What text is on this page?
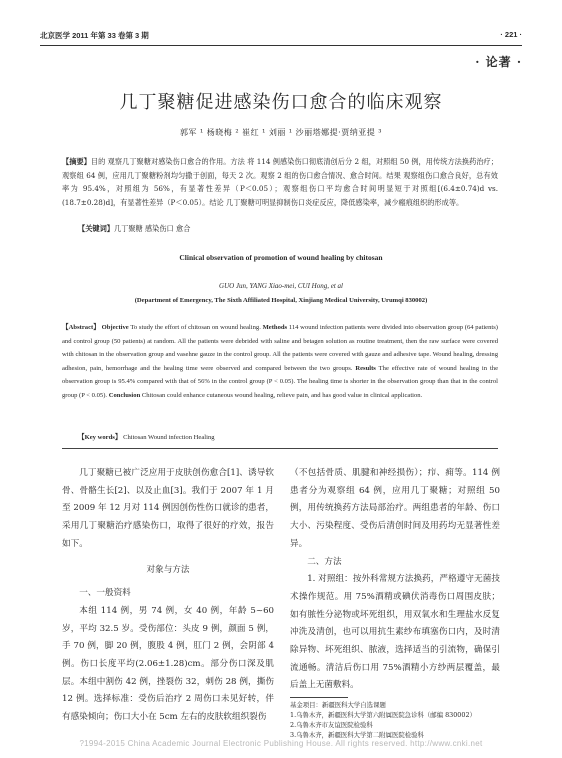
北京医学 2011 年第 33 卷第 3 期	· 221 ·
· 论著 ·
几丁聚糖促进感染伤口愈合的临床观察
郭军 ¹ 杨晓梅 ² 崔红 ¹ 刘丽 ¹ 沙丽塔娜提·贾纳亚提 ³
【摘要】目的 观察几丁聚糖对感染伤口愈合的作用。方法 将 114 例感染伤口彻底清创后分 2 组，对照组 50 例，用传统方法换药治疗；观察组 64 例，应用几丁聚糖粉剂均匀撒于创面，每天 2 次。观察 2 组的伤口愈合情况、愈合时间。结果 观察组伤口愈合良好，总有效率为 95.4%，对照组为 56%，有显著性差异（P＜0.05）；观察组伤口平均愈合时间明显短于对照组[(6.4±0.74)d vs. (18.7±0.28)d]，有显著性差异（P＜0.05）。结论 几丁聚糖可明显抑制伤口炎症反应，降低感染率，减少瘢痕组织的形成等。
【关键词】几丁聚糖 感染伤口 愈合
Clinical observation of promotion of wound healing by chitosan
GUO Jun, YANG Xiao-mei, CUI Hong, et al
(Department of Emergency, The Sixth Affiliated Hospital, Xinjiang Medical University, Urumqi 830002)
【Abstract】 Objective To study the effort of chitosan on wound healing. Methods 114 wound infection patients were divided into observation group (64 patients) and control group (50 patients) at random. All the patients were debrided with saline and betagen solution as routine treatment, then the raw surface were covered with chitosan in the observation group and vasehne gauze in the control group. All the patients were covered with gauze and adhesive tape. Wound healing, dressing adhesion, pain, hemorrhage and the healing time were observed and compared between the two groups. Results The effective rate of wound healing in the observation group is 95.4% compared with that of 56% in the control group (P < 0.05). The healing time is shorter in the observation group than that in the control group (P < 0.05). Conclusion Chitosan could enhance cutaneous wound healing, relieve pain, and has good value in clinical application.
【Key words】 Chitosan Wound infection Healing
几丁聚糖已被广泛应用于皮肤创伤愈合[1]、诱导软骨、骨骼生长[2]、以及止血[3]。我们于 2007 年 1 月至 2009 年 12 月对 114 例因创伤性伤口就诊的患者，采用几丁聚糖治疗感染伤口，取得了很好的疗效，报告如下。
对象与方法
一、一般资料
本组 114 例，男 74 例，女 40 例，年龄 5~60 岁，平均 32.5 岁。受伤部位：头皮 9 例，颜面 5 例，手 70 例，脚 20 例，腹股 4 例，肛门 2 例，会阴部 4 例。伤口长度平均(2.06±1.28)cm。部分伤口深及肌层。本组中割伤 42 例，挫裂伤 32，刺伤 28 例，撕伤 12 例。选择标准：受伤后治疗 2 周伤口未见好转，伴有感染倾向；伤口大小在 5cm 左右的皮肤软组织裂伤
（不包括骨质、肌腱和神经损伤）；疖、痈等。114 例患者分为观察组 64 例，应用几丁聚糖；对照组 50 例，用传统换药方法局部治疗。两组患者的年龄、伤口大小、污染程度、受伤后清创时间及用药均无显著性差异。
二、方法
1. 对照组：按外科常规方法换药，严格遵守无菌技术操作规范。用 75%酒精或碘伏消毒伤口周围皮肤；如有脓性分泌物或坏死组织，用双氧水和生理盐水反复冲洗及清创，也可以用抗生素纱布填塞伤口内，及时清除异物、坏死组织、脓液，选择适当的引流物，确保引流通畅。清洁后伤口用 75%酒精小方纱两层覆盖，最后盖上无菌敷料。
基金项目：新疆医科大学自选课题
1.乌鲁木齐，新疆医科大学第六附属医院急诊科（邮编 830002）
2.乌鲁木齐市友谊医院检验科
3.乌鲁木齐，新疆医科大学第二附属医院检验科
?1994-2015 China Academic Journal Electronic Publishing House. All rights reserved. http://www.cnki.net
